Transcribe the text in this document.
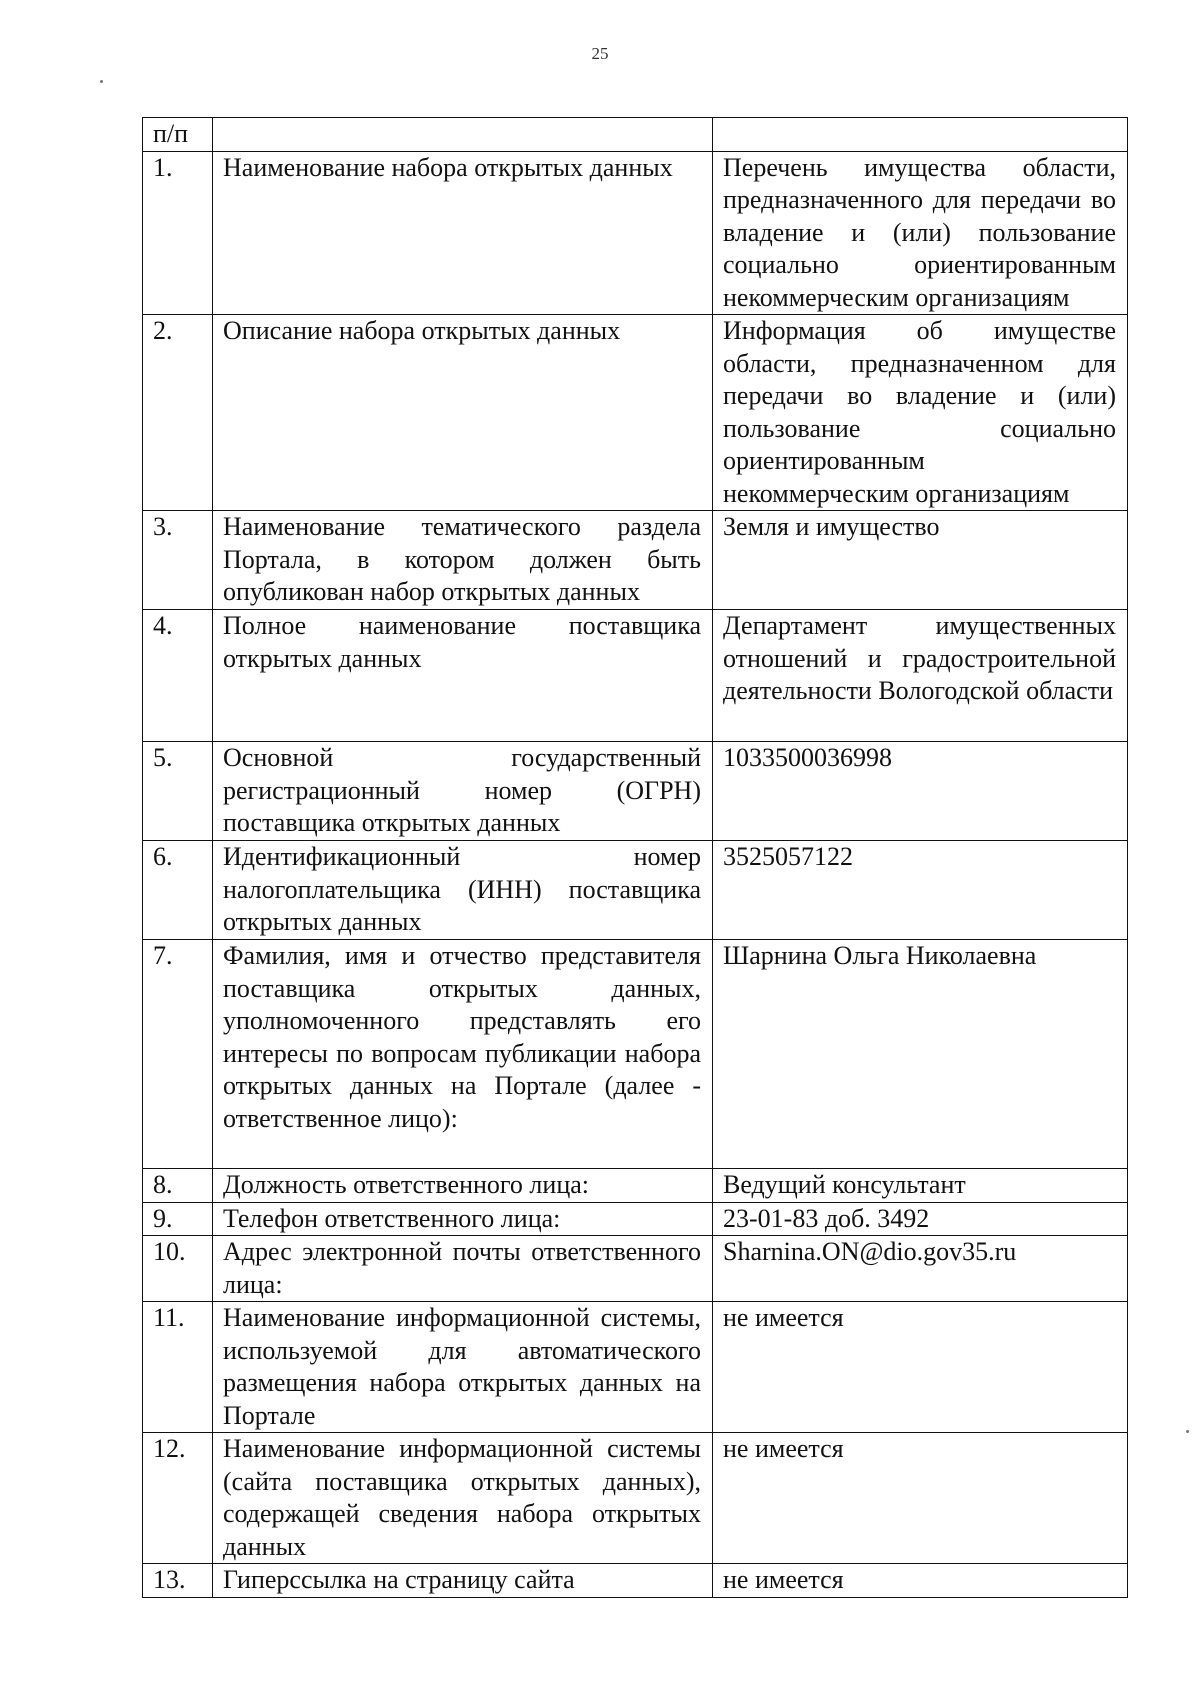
25
п/п		
1.	Наименование набора открытых данных	Перечень имущества области, предназначенного для передачи во владение и (или) пользование социально ориентированным некоммерческим организациям
2.	Описание набора открытых данных	Информация об имуществе области, предназначенном для передачи во владение и (или) пользование социально ориентированным некоммерческим организациям
3.	Наименование тематического раздела Портала, в котором должен быть опубликован набор открытых данных	Земля и имущество
4.	Полное наименование поставщика открытых данных	Департамент имущественных отношений и градостроительной деятельности Вологодской области
5.	Основной государственный регистрационный номер (ОГРН) поставщика открытых данных	1033500036998
6.	Идентификационный номер налогоплательщика (ИНН) поставщика открытых данных	3525057122
7.	Фамилия, имя и отчество представителя поставщика открытых данных, уполномоченного представлять его интересы по вопросам публикации набора открытых данных на Портале (далее - ответственное лицо):	Шарнина Ольга Николаевна
8.	Должность ответственного лица:	Ведущий консультант
9.	Телефон ответственного лица:	23-01-83 доб. 3492
10.	Адрес электронной почты ответственного лица:	Sharnina.ON@dio.gov35.ru
11.	Наименование информационной системы, используемой для автоматического размещения набора открытых данных на Портале	не имеется
12.	Наименование информационной системы (сайта поставщика открытых данных), содержащей сведения набора открытых данных	не имеется
13.	Гиперссылка на страницу сайта	не имеется
